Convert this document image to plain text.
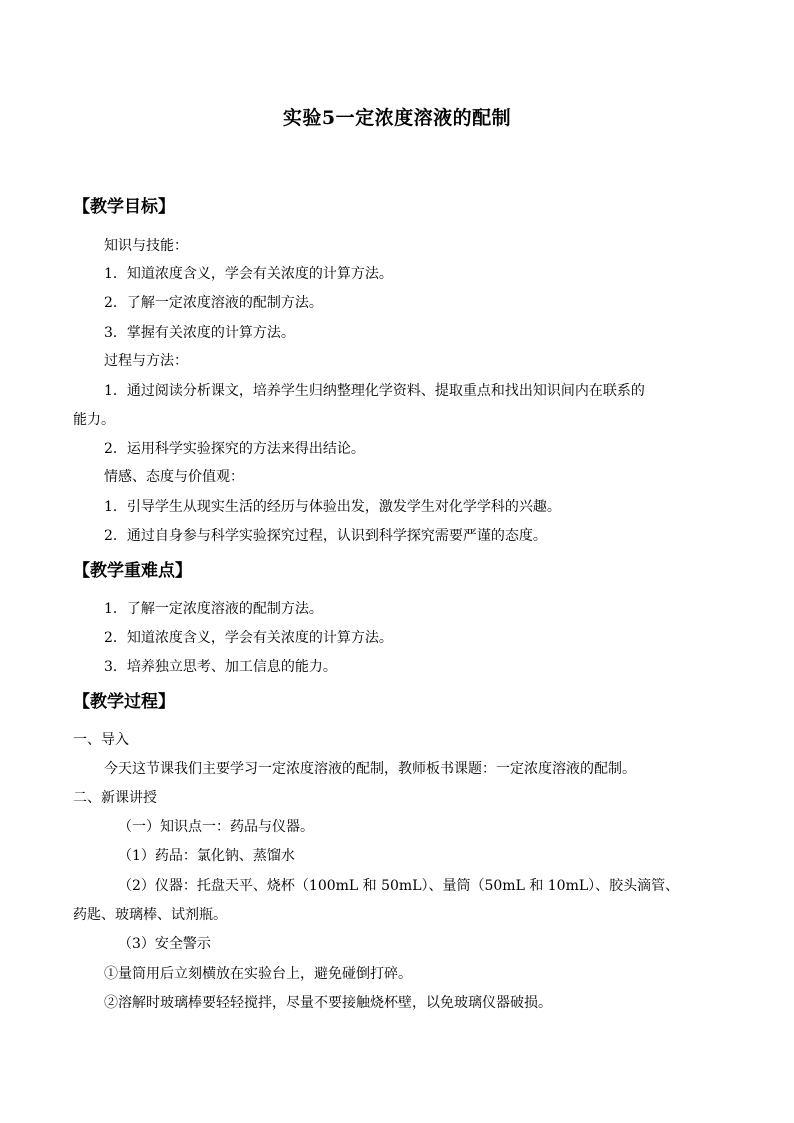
实验5一定浓度溶液的配制
【教学目标】
知识与技能：
1．知道浓度含义，学会有关浓度的计算方法。
2．了解一定浓度溶液的配制方法。
3．掌握有关浓度的计算方法。
过程与方法：
1．通过阅读分析课文，培养学生归纳整理化学资料、提取重点和找出知识间内在联系的
能力。
2．运用科学实验探究的方法来得出结论。
情感、态度与价值观：
1．引导学生从现实生活的经历与体验出发，激发学生对化学学科的兴趣。
2．通过自身参与科学实验探究过程，认识到科学探究需要严谨的态度。
【教学重难点】
1．了解一定浓度溶液的配制方法。
2．知道浓度含义，学会有关浓度的计算方法。
3．培养独立思考、加工信息的能力。
【教学过程】
一、导入
今天这节课我们主要学习一定浓度溶液的配制，教师板书课题：一定浓度溶液的配制。
二、新课讲授
（一）知识点一：药品与仪器。
（1）药品：氯化钠、蒸馏水
（2）仪器：托盘天平、烧杯（100mL 和 50mL）、量筒（50mL 和 10mL）、胶头滴管、
药匙、玻璃棒、试剂瓶。
（3）安全警示
①量筒用后立刻横放在实验台上，避免碰倒打碎。
②溶解时玻璃棒要轻轻搅拌，尽量不要接触烧杯壁，以免玻璃仪器破损。
